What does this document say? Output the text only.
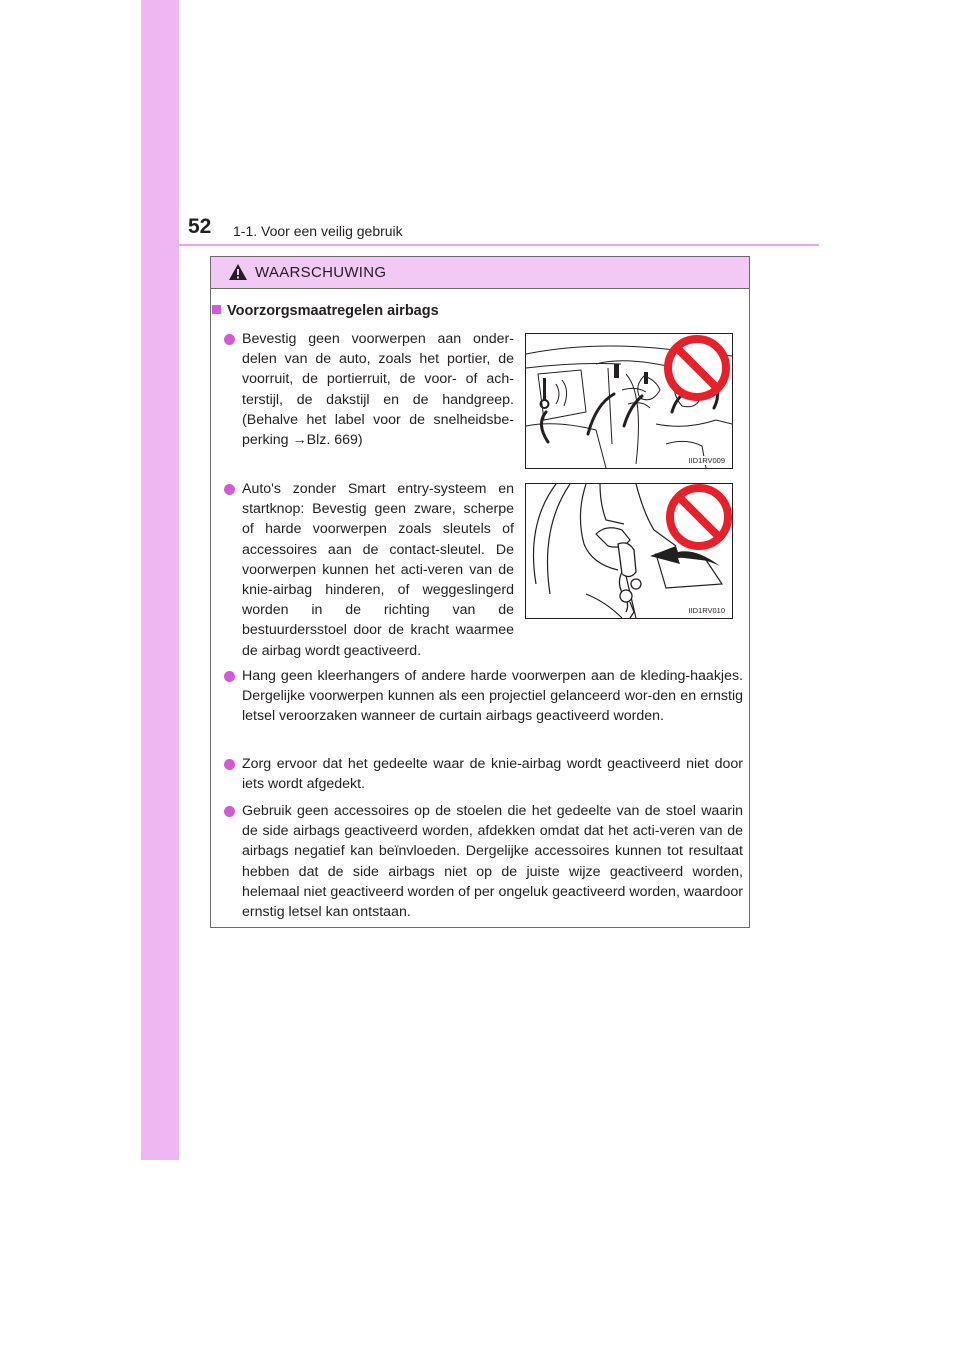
52 1-1. Voor een veilig gebruik
WAARSCHUWING
Voorzorgsmaatregelen airbags
Bevestig geen voorwerpen aan onder-delen van de auto, zoals het portier, de voorruit, de portierruit, de voor- of ach-terstijl, de dakstijl en de handgreep. (Behalve het label voor de snelheidsbe-perking →Blz. 669)
IID1RV009
Auto's zonder Smart entry-systeem en startknop: Bevestig geen zware, scherpe of harde voorwerpen zoals sleutels of accessoires aan de contact-sleutel. De voorwerpen kunnen het acti-veren van de knie-airbag hinderen, of weggeslingerd worden in de richting van de bestuurdersstoel door de kracht waarmee de airbag wordt geactiveerd.
IID1RV010
Hang geen kleerhangers of andere harde voorwerpen aan de kleding-haakjes. Dergelijke voorwerpen kunnen als een projectiel gelanceerd wor-den en ernstig letsel veroorzaken wanneer de curtain airbags geactiveerd worden.
Zorg ervoor dat het gedeelte waar de knie-airbag wordt geactiveerd niet door iets wordt afgedekt.
Gebruik geen accessoires op de stoelen die het gedeelte van de stoel waarin de side airbags geactiveerd worden, afdekken omdat dat het acti-veren van de airbags negatief kan beïnvloeden. Dergelijke accessoires kunnen tot resultaat hebben dat de side airbags niet op de juiste wijze geactiveerd worden, helemaal niet geactiveerd worden of per ongeluk geactiveerd worden, waardoor ernstig letsel kan ontstaan.
